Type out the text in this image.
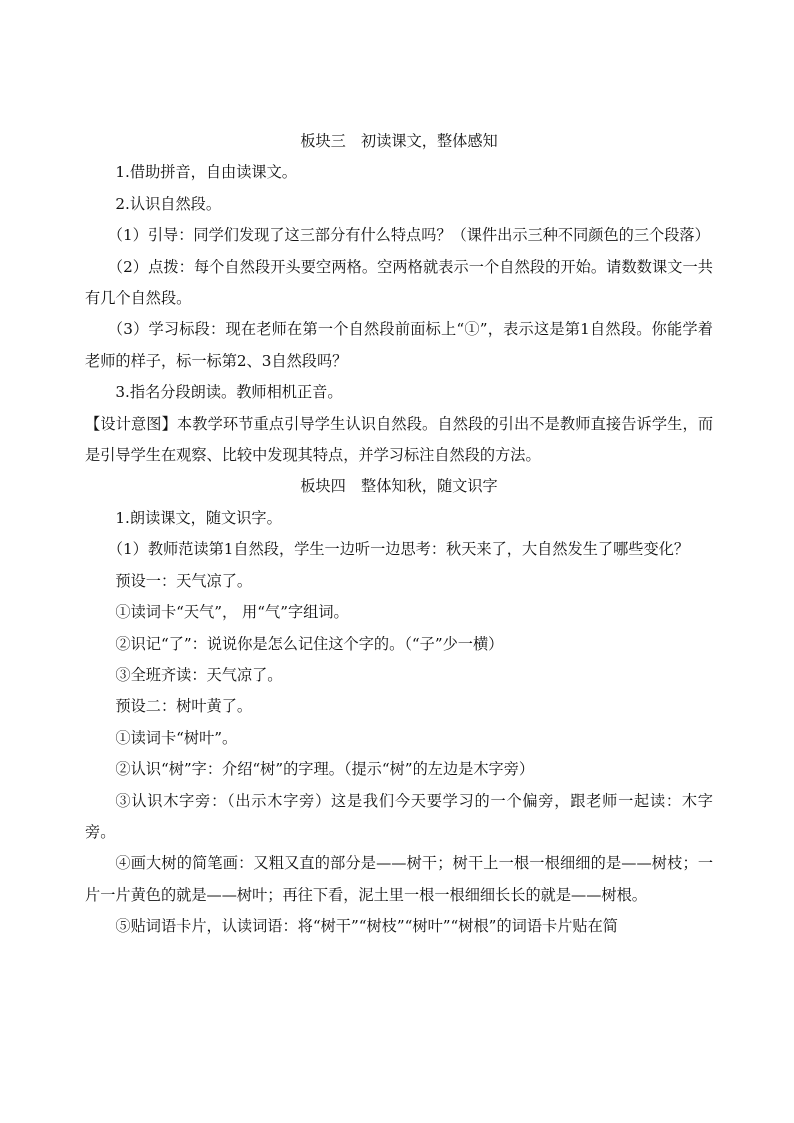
板块三　初读课文，整体感知

1.借助拼音，自由读课文。

2.认识自然段。

（1）引导：同学们发现了这三部分有什么特点吗？（课件出示三种不同颜色的三个段落）

（2）点拨：每个自然段开头要空两格。空两格就表示一个自然段的开始。请数数课文一共有几个自然段。

（3）学习标段：现在老师在第一个自然段前面标上“①”，表示这是第1自然段。你能学着老师的样子，标一标第2、3自然段吗？

3.指名分段朗读。教师相机正音。

【设计意图】本教学环节重点引导学生认识自然段。自然段的引出不是教师直接告诉学生，而是引导学生在观察、比较中发现其特点，并学习标注自然段的方法。

板块四　整体知秋，随文识字

1.朗读课文，随文识字。

（1）教师范读第1自然段，学生一边听一边思考：秋天来了，大自然发生了哪些变化？

预设一：天气凉了。

①读词卡“天气”， 用“气”字组词。

②识记“了”：说说你是怎么记住这个字的。（“子”少一横）

③全班齐读：天气凉了。

预设二：树叶黄了。

①读词卡“树叶”。

②认识“树”字：介绍“树”的字理。（提示“树”的左边是木字旁）

③认识木字旁：（出示木字旁）这是我们今天要学习的一个偏旁，跟老师一起读：木字旁。

④画大树的简笔画：又粗又直的部分是——树干；树干上一根一根细细的是——树枝；一片一片黄色的就是——树叶；再往下看，泥土里一根一根细细长长的就是——树根。

⑤贴词语卡片，认读词语：将“树干”“树枝”“树叶”“树根”的词语卡片贴在简
